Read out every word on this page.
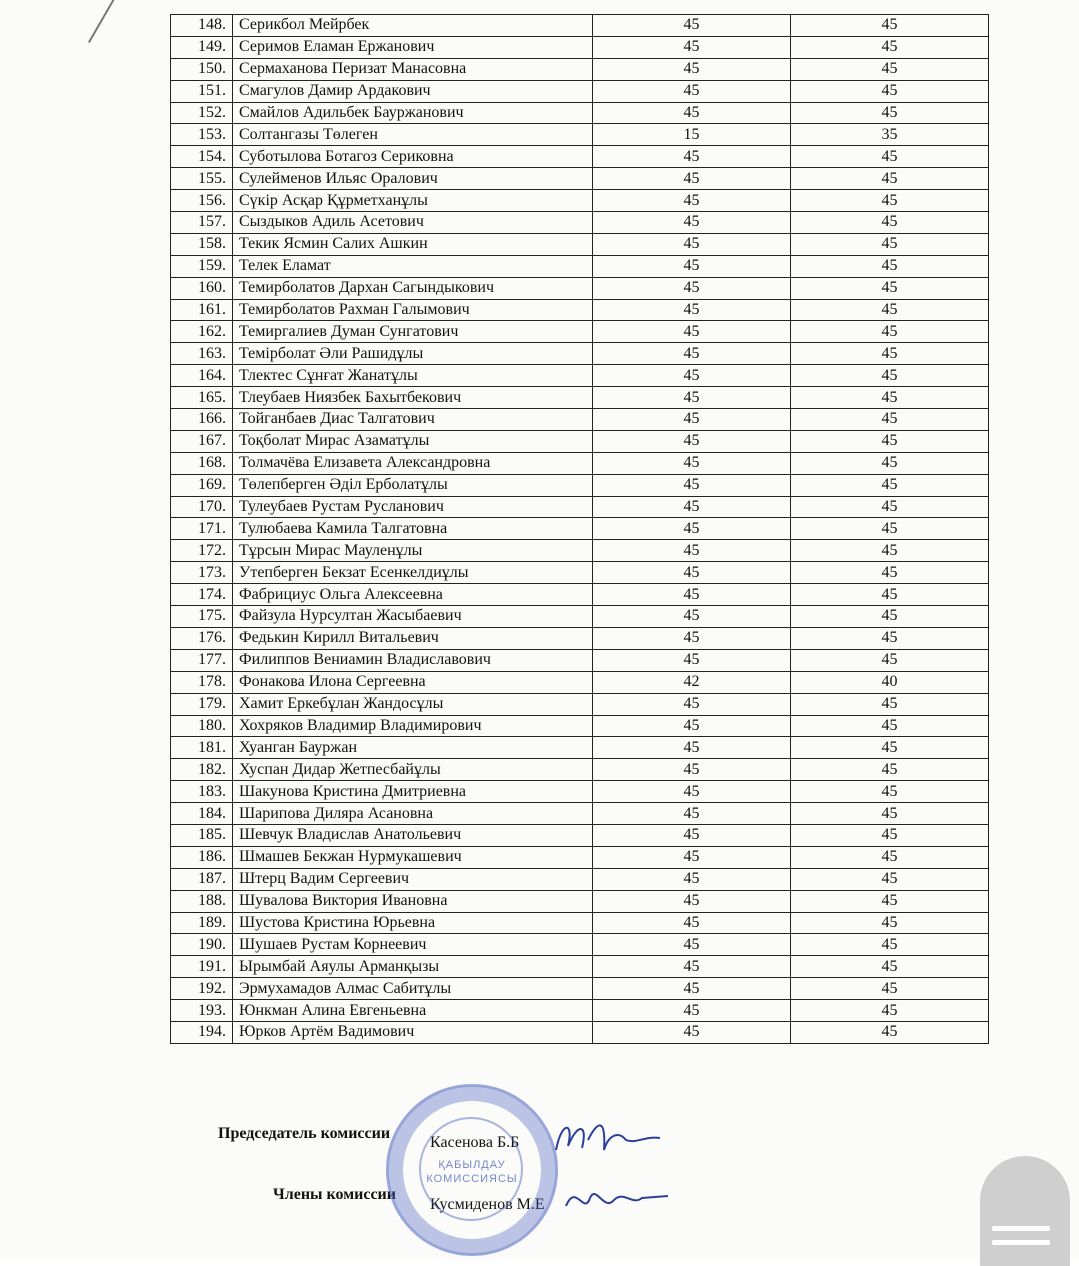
148.	Серикбол Мейрбек	45	45
149.	Серимов Еламан Ержанович	45	45
150.	Сермаханова Перизат Манасовна	45	45
151.	Смагулов Дамир Ардакович	45	45
152.	Смайлов Адильбек Бауржанович	45	45
153.	Солтангазы Төлеген	15	35
154.	Суботылова Ботагоз Сериковна	45	45
155.	Сулейменов Ильяс Оралович	45	45
156.	Сүкір Асқар Құрметханұлы	45	45
157.	Сыздыков Адиль Асетович	45	45
158.	Текик Ясмин Салих Ашкин	45	45
159.	Телек Еламат	45	45
160.	Темирболатов Дархан Сагындыкович	45	45
161.	Темирболатов Рахман Галымович	45	45
162.	Темиргалиев Думан Сунгатович	45	45
163.	Темірболат Әли Рашидұлы	45	45
164.	Тлектес Сұнғат Жанатұлы	45	45
165.	Тлеубаев Ниязбек Бахытбекович	45	45
166.	Тойганбаев Диас Талгатович	45	45
167.	Тоқболат Мирас Азаматұлы	45	45
168.	Толмачёва Елизавета Александровна	45	45
169.	Төлепберген Әділ Ерболатұлы	45	45
170.	Тулеубаев Рустам Русланович	45	45
171.	Тулюбаева Камила Талгатовна	45	45
172.	Тұрсын Мирас Мауленұлы	45	45
173.	Утепберген Бекзат Есенкелдиұлы	45	45
174.	Фабрициус Ольга Алексеевна	45	45
175.	Файзула Нурсултан Жасыбаевич	45	45
176.	Федькин Кирилл Витальевич	45	45
177.	Филиппов Вениамин Владиславович	45	45
178.	Фонакова Илона Сергеевна	42	40
179.	Хамит Еркебұлан Жандосұлы	45	45
180.	Хохряков Владимир Владимирович	45	45
181.	Хуанган Бауржан	45	45
182.	Хуспан Дидар Жетпесбайұлы	45	45
183.	Шакунова Кристина Дмитриевна	45	45
184.	Шарипова Диляра Асановна	45	45
185.	Шевчук Владислав Анатольевич	45	45
186.	Шмашев Бекжан Нурмукашевич	45	45
187.	Штерц Вадим Сергеевич	45	45
188.	Шувалова Виктория Ивановна	45	45
189.	Шустова Кристина Юрьевна	45	45
190.	Шушаев Рустам Корнеевич	45	45
191.	Ырымбай Аяулы Арманқызы	45	45
192.	Эрмухамадов Алмас Сабитұлы	45	45
193.	Юнкман Алина Евгеньевна	45	45
194.	Юрков Артём Вадимович	45	45
Председатель комиссии
Касенова Б.Б
Члены комиссии
Кусмиденов М.Е
ҚАБЫЛДАУ
КОМИССИЯСЫ
